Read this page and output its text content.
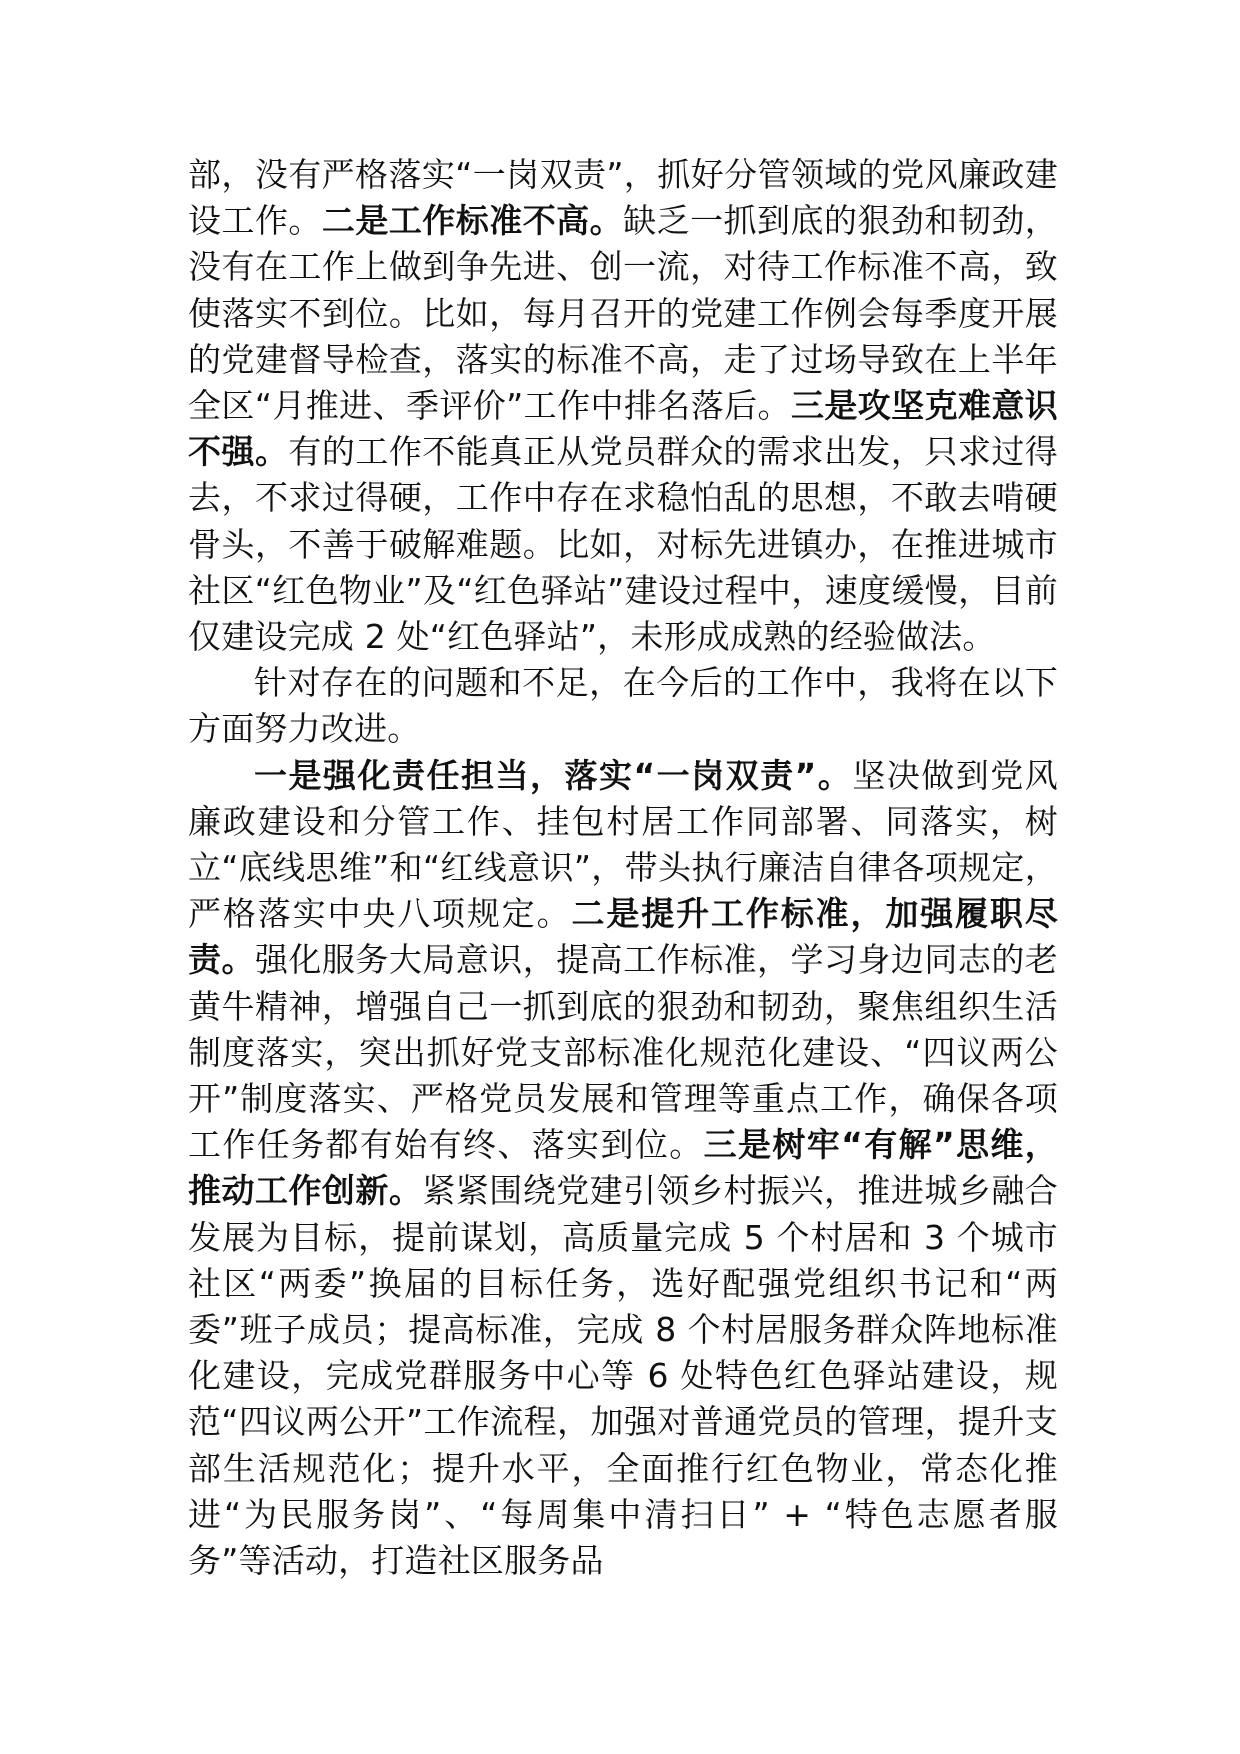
部，没有严格落实“一岗双责”，抓好分管领域的党风廉政建设工作。二是工作标准不高。缺乏一抓到底的狠劲和韧劲，没有在工作上做到争先进、创一流，对待工作标准不高，致使落实不到位。比如，每月召开的党建工作例会每季度开展的党建督导检查，落实的标准不高，走了过场导致在上半年全区“月推进、季评价”工作中排名落后。三是攻坚克难意识不强。有的工作不能真正从党员群众的需求出发，只求过得去，不求过得硬，工作中存在求稳怕乱的思想，不敢去啃硬骨头，不善于破解难题。比如，对标先进镇办，在推进城市社区“红色物业”及“红色驿站”建设过程中，速度缓慢，目前仅建设完成 2 处“红色驿站”，未形成成熟的经验做法。

针对存在的问题和不足，在今后的工作中，我将在以下方面努力改进。

一是强化责任担当，落实“一岗双责”。坚决做到党风廉政建设和分管工作、挂包村居工作同部署、同落实，树立“底线思维”和“红线意识”，带头执行廉洁自律各项规定，严格落实中央八项规定。二是提升工作标准，加强履职尽责。强化服务大局意识，提高工作标准，学习身边同志的老黄牛精神，增强自己一抓到底的狠劲和韧劲，聚焦组织生活制度落实，突出抓好党支部标准化规范化建设、“四议两公开”制度落实、严格党员发展和管理等重点工作，确保各项工作任务都有始有终、落实到位。三是树牢“有解”思维，推动工作创新。紧紧围绕党建引领乡村振兴，推进城乡融合发展为目标，提前谋划，高质量完成 5 个村居和 3 个城市社区“两委”换届的目标任务，选好配强党组织书记和“两委”班子成员；提高标准，完成 8 个村居服务群众阵地标准化建设，完成党群服务中心等 6 处特色红色驿站建设，规范“四议两公开”工作流程，加强对普通党员的管理，提升支部生活规范化；提升水平，全面推行红色物业，常态化推进“为民服务岗”、“每周集中清扫日” + “特色志愿者服务”等活动，打造社区服务品
